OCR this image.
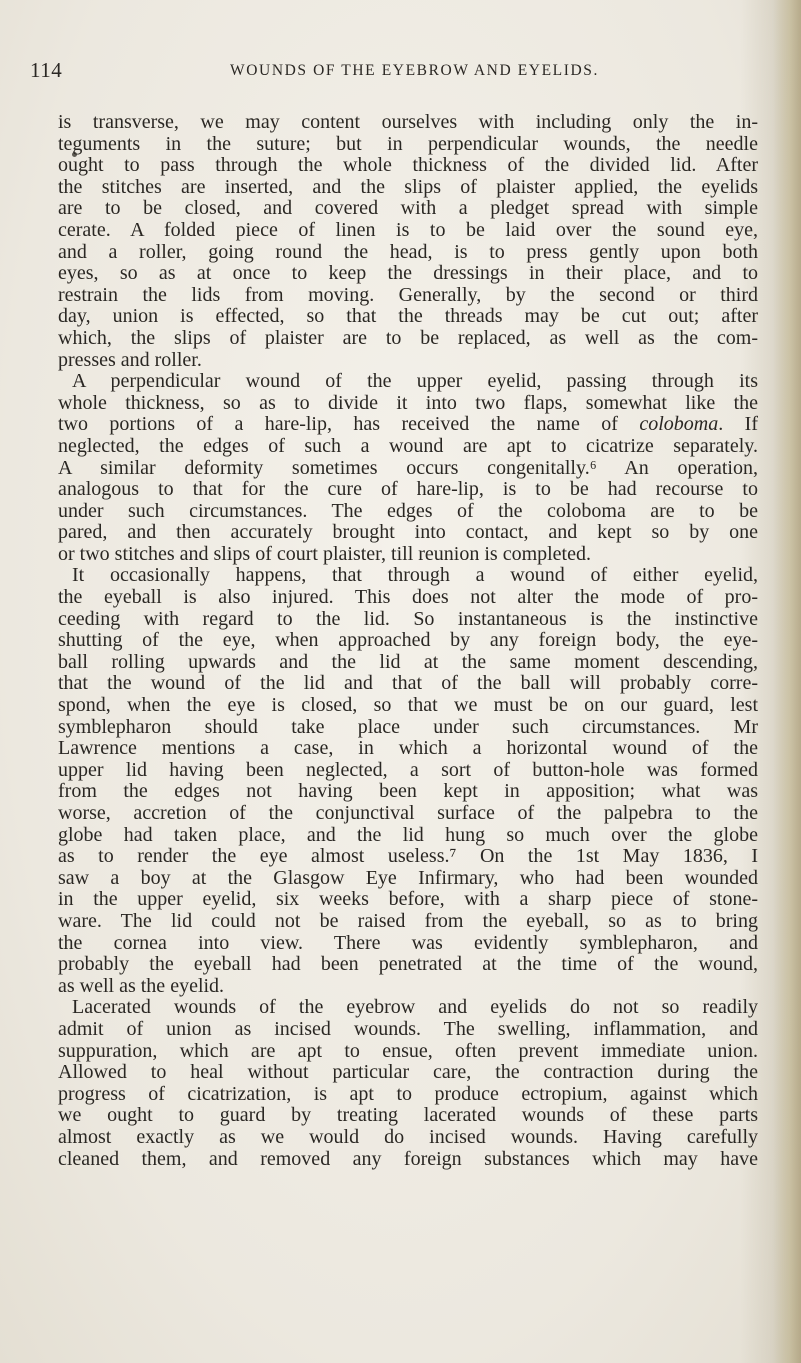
114	WOUNDS OF THE EYEBROW AND EYELIDS.
is transverse, we may content ourselves with including only the in-
teguments in the suture; but in perpendicular wounds, the needle
ought to pass through the whole thickness of the divided lid. After
the stitches are inserted, and the slips of plaister applied, the eyelids
are to be closed, and covered with a pledget spread with simple
cerate. A folded piece of linen is to be laid over the sound eye,
and a roller, going round the head, is to press gently upon both
eyes, so as at once to keep the dressings in their place, and to
restrain the lids from moving. Generally, by the second or third
day, union is effected, so that the threads may be cut out; after
which, the slips of plaister are to be replaced, as well as the com-
presses and roller.
A perpendicular wound of the upper eyelid, passing through its
whole thickness, so as to divide it into two flaps, somewhat like the
two portions of a hare-lip, has received the name of coloboma. If
neglected, the edges of such a wound are apt to cicatrize separately.
A similar deformity sometimes occurs congenitally.⁶ An operation,
analogous to that for the cure of hare-lip, is to be had recourse to
under such circumstances. The edges of the coloboma are to be
pared, and then accurately brought into contact, and kept so by one
or two stitches and slips of court plaister, till reunion is completed.
It occasionally happens, that through a wound of either eyelid,
the eyeball is also injured. This does not alter the mode of pro-
ceeding with regard to the lid. So instantaneous is the instinctive
shutting of the eye, when approached by any foreign body, the eye-
ball rolling upwards and the lid at the same moment descending,
that the wound of the lid and that of the ball will probably corre-
spond, when the eye is closed, so that we must be on our guard, lest
symblepharon should take place under such circumstances. Mr
Lawrence mentions a case, in which a horizontal wound of the
upper lid having been neglected, a sort of button-hole was formed
from the edges not having been kept in apposition; what was
worse, accretion of the conjunctival surface of the palpebra to the
globe had taken place, and the lid hung so much over the globe
as to render the eye almost useless.⁷ On the 1st May 1836, I
saw a boy at the Glasgow Eye Infirmary, who had been wounded
in the upper eyelid, six weeks before, with a sharp piece of stone-
ware. The lid could not be raised from the eyeball, so as to bring
the cornea into view. There was evidently symblepharon, and
probably the eyeball had been penetrated at the time of the wound,
as well as the eyelid.
Lacerated wounds of the eyebrow and eyelids do not so readily
admit of union as incised wounds. The swelling, inflammation, and
suppuration, which are apt to ensue, often prevent immediate union.
Allowed to heal without particular care, the contraction during the
progress of cicatrization, is apt to produce ectropium, against which
we ought to guard by treating lacerated wounds of these parts
almost exactly as we would do incised wounds. Having carefully
cleaned them, and removed any foreign substances which may have
